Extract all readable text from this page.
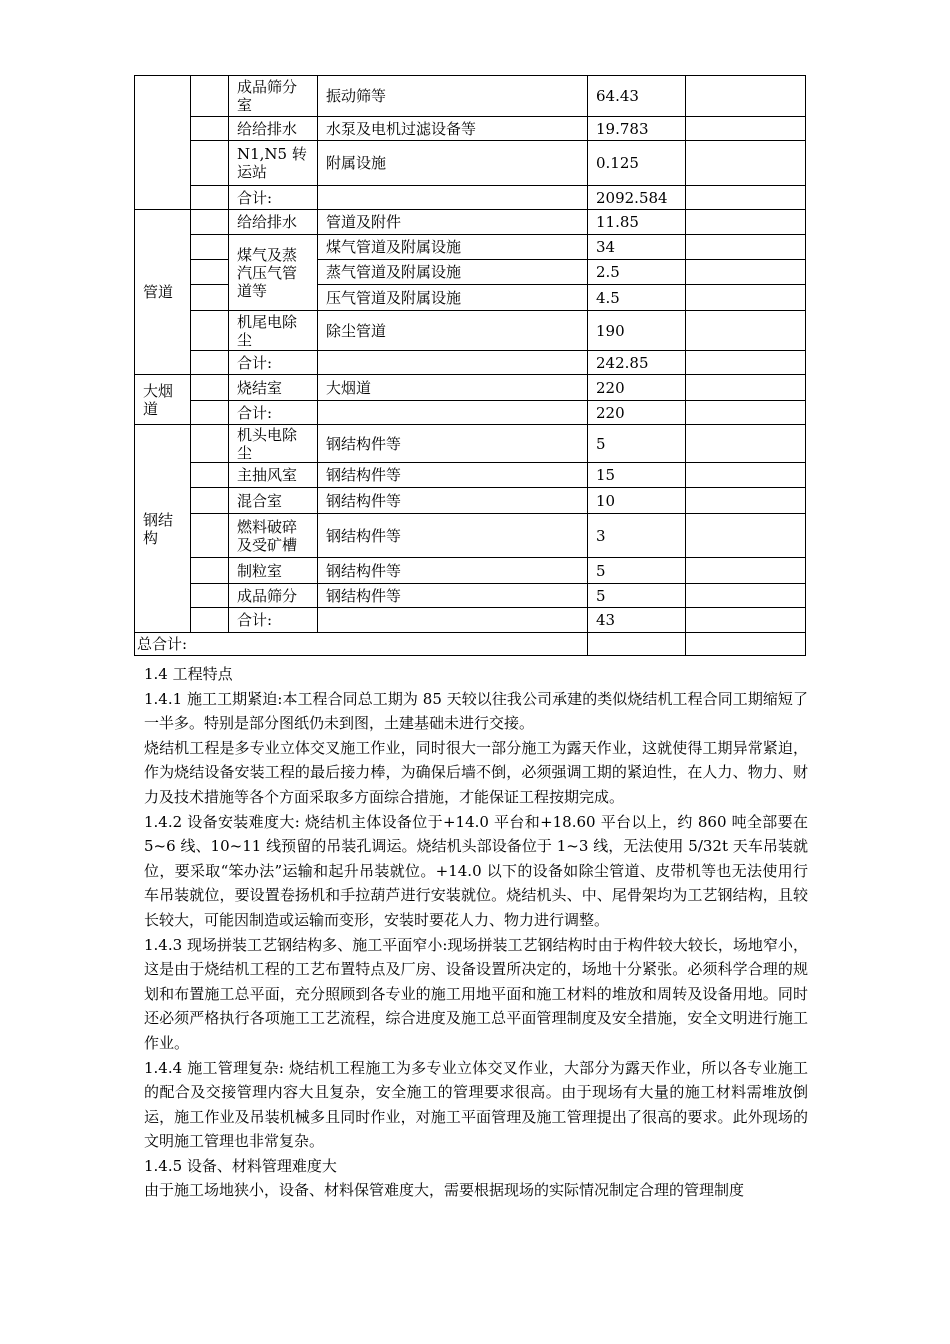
		成品筛分室	振动筛等	64.43	
		给给排水	水泵及电机过滤设备等	19.783	
		N1,N5 转运站	附属设施	0.125	
		合计:		2092.584	
管道		给给排水	管道及附件	11.85	
		煤气及蒸汽压气管道等	煤气管道及附属设施	34	
			蒸气管道及附属设施	2.5	
			压气管道及附属设施	4.5	
		机尾电除尘	除尘管道	190	
		合计:		242.85	
大烟道		烧结室	大烟道	220	
		合计:		220	
钢结构		机头电除尘	钢结构件等	5	
		主抽风室	钢结构件等	15	
		混合室	钢结构件等	10	
		燃料破碎及受矿槽	钢结构件等	3	
		制粒室	钢结构件等	5	
		成品筛分	钢结构件等	5	
		合计:		43	
总合计:					

1.4 工程特点

1.4.1 施工工期紧迫:本工程合同总工期为 85 天较以往我公司承建的类似烧结机工程合同工期缩短了一半多。特别是部分图纸仍未到图，土建基础未进行交接。

烧结机工程是多专业立体交叉施工作业，同时很大一部分施工为露天作业，这就使得工期异常紧迫，作为烧结设备安装工程的最后接力棒，为确保后墙不倒，必须强调工期的紧迫性，在人力、物力、财力及技术措施等各个方面采取多方面综合措施，才能保证工程按期完成。

1.4.2 设备安装难度大: 烧结机主体设备位于+14.0 平台和+18.60 平台以上，约 860 吨全部要在 5~6 线、10~11 线预留的吊装孔调运。烧结机头部设备位于 1~3 线，无法使用 5/32t 天车吊装就位，要采取“笨办法”运输和起升吊装就位。+14.0 以下的设备如除尘管道、皮带机等也无法使用行车吊装就位，要设置卷扬机和手拉葫芦进行安装就位。烧结机头、中、尾骨架均为工艺钢结构，且较长较大，可能因制造或运输而变形，安装时要花人力、物力进行调整。

1.4.3 现场拼装工艺钢结构多、施工平面窄小:现场拼装工艺钢结构时由于构件较大较长，场地窄小，这是由于烧结机工程的工艺布置特点及厂房、设备设置所决定的，场地十分紧张。必须科学合理的规划和布置施工总平面，充分照顾到各专业的施工用地平面和施工材料的堆放和周转及设备用地。同时还必须严格执行各项施工工艺流程，综合进度及施工总平面管理制度及安全措施，安全文明进行施工作业。

1.4.4 施工管理复杂: 烧结机工程施工为多专业立体交叉作业，大部分为露天作业，所以各专业施工的配合及交接管理内容大且复杂，安全施工的管理要求很高。由于现场有大量的施工材料需堆放倒运，施工作业及吊装机械多且同时作业，对施工平面管理及施工管理提出了很高的要求。此外现场的文明施工管理也非常复杂。

1.4.5 设备、材料管理难度大

由于施工场地狭小，设备、材料保管难度大，需要根据现场的实际情况制定合理的管理制度
